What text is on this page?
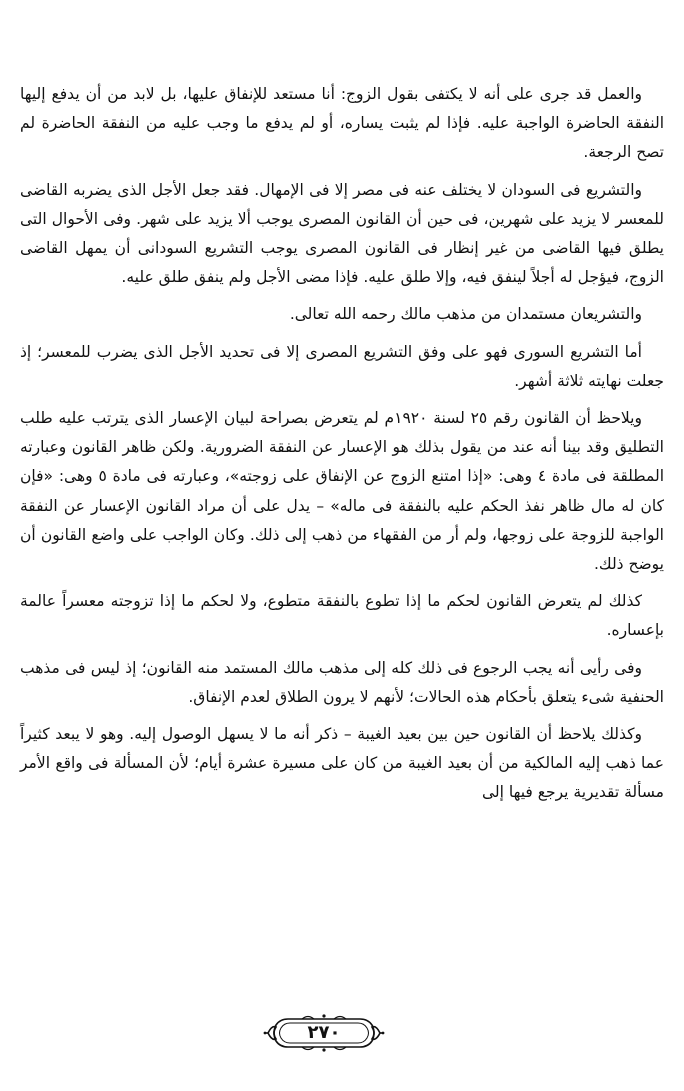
والعمل قد جرى على أنه لا يكتفى بقول الزوج: أنا مستعد للإنفاق عليها، بل لابد من أن يدفع إليها النفقة الحاضرة الواجبة عليه. فإذا لم يثبت يساره، أو لم يدفع ما وجب عليه من النفقة الحاضرة لم تصح الرجعة.

والتشريع فى السودان لا يختلف عنه فى مصر إلا فى الإمهال. فقد جعل الأجل الذى يضربه القاضى للمعسر لا يزيد على شهرين، فى حين أن القانون المصرى يوجب ألا يزيد على شهر. وفى الأحوال التى يطلق فيها القاضى من غير إنظار فى القانون المصرى يوجب التشريع السودانى أن يمهل القاضى الزوج، فيؤجل له أجلاً لينفق فيه، وإلا طلق عليه. فإذا مضى الأجل ولم ينفق طلق عليه.

والتشريعان مستمدان من مذهب مالك رحمه الله تعالى.

أما التشريع السورى فهو على وفق التشريع المصرى إلا فى تحديد الأجل الذى يضرب للمعسر؛ إذ جعلت نهايته ثلاثة أشهر.

ويلاحظ أن القانون رقم ٢٥ لسنة ١٩٢٠م لم يتعرض بصراحة لبيان الإعسار الذى يترتب عليه طلب التطليق وقد بينا أنه عند من يقول بذلك هو الإعسار عن النفقة الضرورية. ولكن ظاهر القانون وعبارته المطلقة فى مادة ٤ وهى: «إذا امتنع الزوج عن الإنفاق على زوجته»، وعبارته فى مادة ٥ وهى: «فإن كان له مال ظاهر نفذ الحكم عليه بالنفقة فى ماله» – يدل على أن مراد القانون الإعسار عن النفقة الواجبة للزوجة على زوجها، ولم أر من الفقهاء من ذهب إلى ذلك. وكان الواجب على واضع القانون أن يوضح ذلك.

كذلك لم يتعرض القانون لحكم ما إذا تطوع بالنفقة متطوع، ولا لحكم ما إذا تزوجته معسراً عالمة بإعساره.

وفى رأيى أنه يجب الرجوع فى ذلك كله إلى مذهب مالك المستمد منه القانون؛ إذ ليس فى مذهب الحنفية شىء يتعلق بأحكام هذه الحالات؛ لأنهم لا يرون الطلاق لعدم الإنفاق.

وكذلك يلاحظ أن القانون حين بين بعيد الغيبة – ذكر أنه ما لا يسهل الوصول إليه. وهو لا يبعد كثيراً عما ذهب إليه المالكية من أن بعيد الغيبة من كان على مسيرة عشرة أيام؛ لأن المسألة فى واقع الأمر مسألة تقديرية يرجع فيها إلى

٢٧٠
